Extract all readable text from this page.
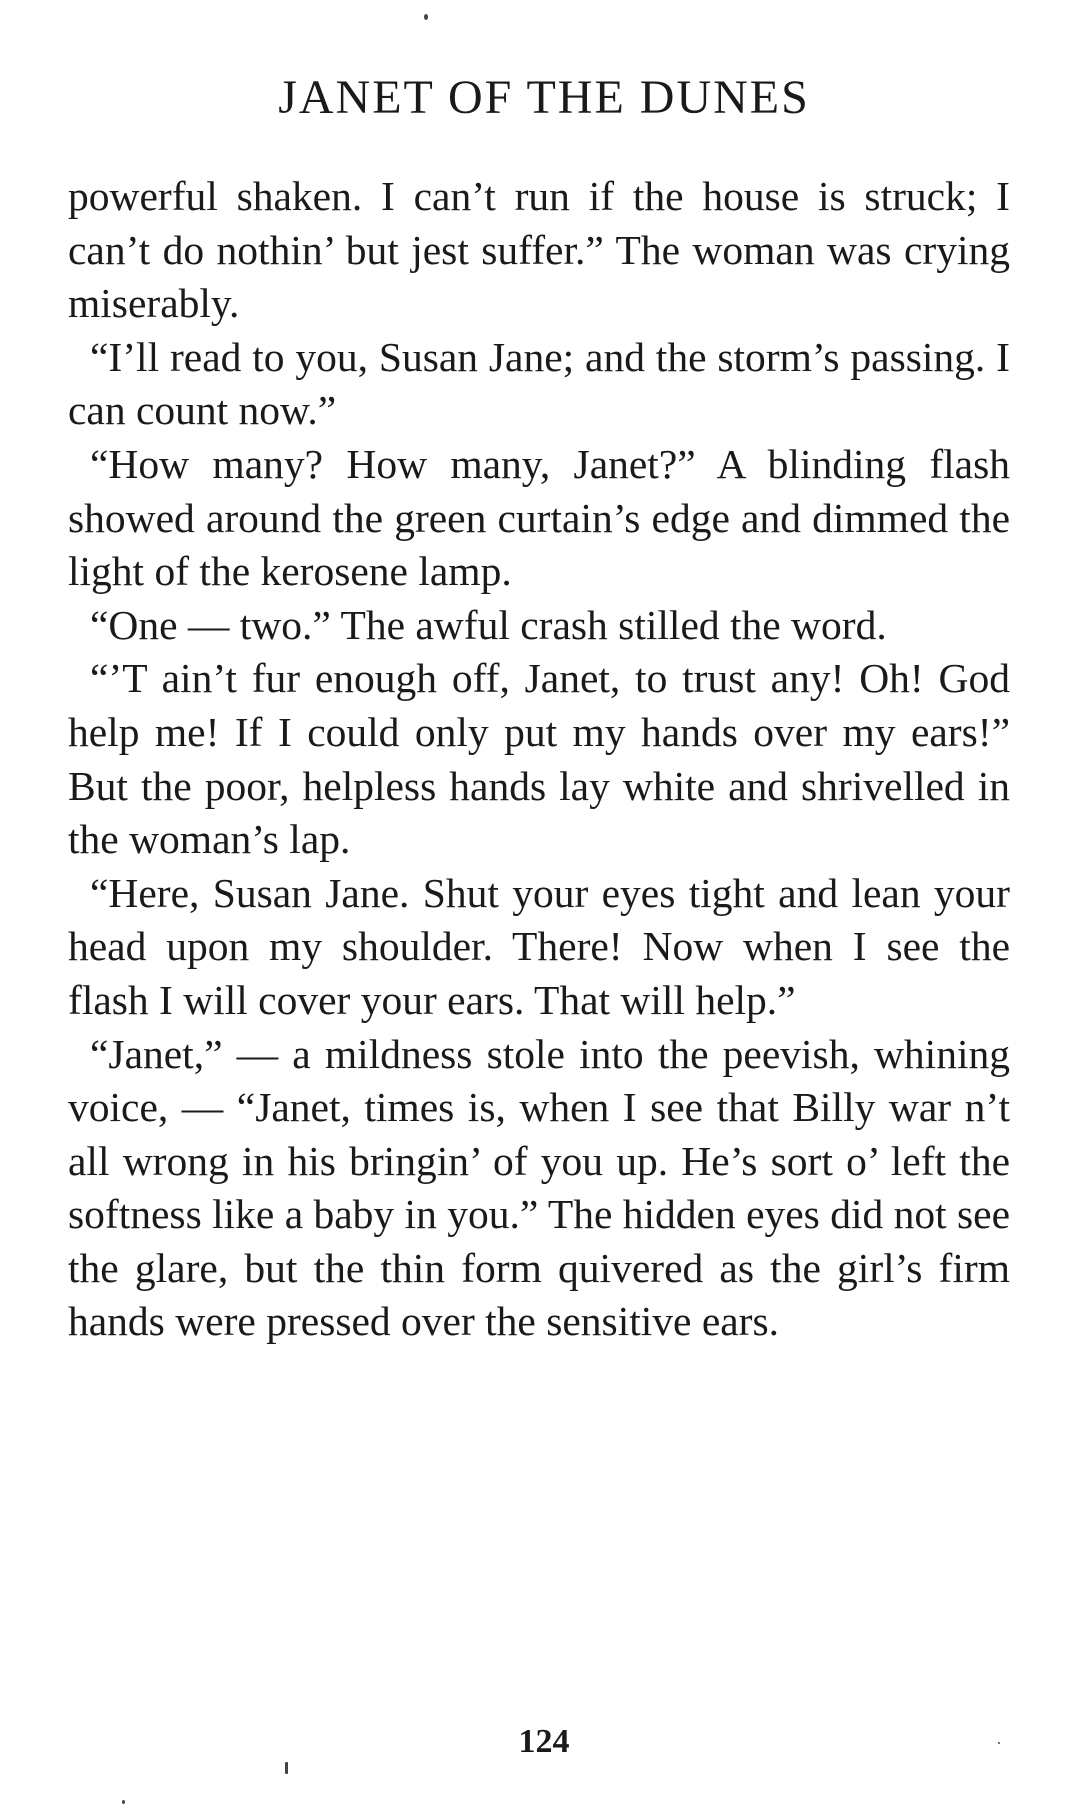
JANET OF THE DUNES

powerful shaken. I can’t run if the house is struck; I can’t do nothin’ but jest suffer.” The woman was crying miserably.

“I’ll read to you, Susan Jane; and the storm’s passing. I can count now.”

“How many? How many, Janet?” A blinding flash showed around the green curtain’s edge and dimmed the light of the kerosene lamp.

“One — two.” The awful crash stilled the word.

“’T ain’t fur enough off, Janet, to trust any! Oh! God help me! If I could only put my hands over my ears!” But the poor, helpless hands lay white and shrivelled in the woman’s lap.

“Here, Susan Jane. Shut your eyes tight and lean your head upon my shoulder. There! Now when I see the flash I will cover your ears. That will help.”

“Janet,” — a mildness stole into the peevish, whining voice, — “Janet, times is, when I see that Billy war n’t all wrong in his bringin’ of you up. He’s sort o’ left the softness like a baby in you.” The hidden eyes did not see the glare, but the thin form quivered as the girl’s firm hands were pressed over the sensitive ears.

124
